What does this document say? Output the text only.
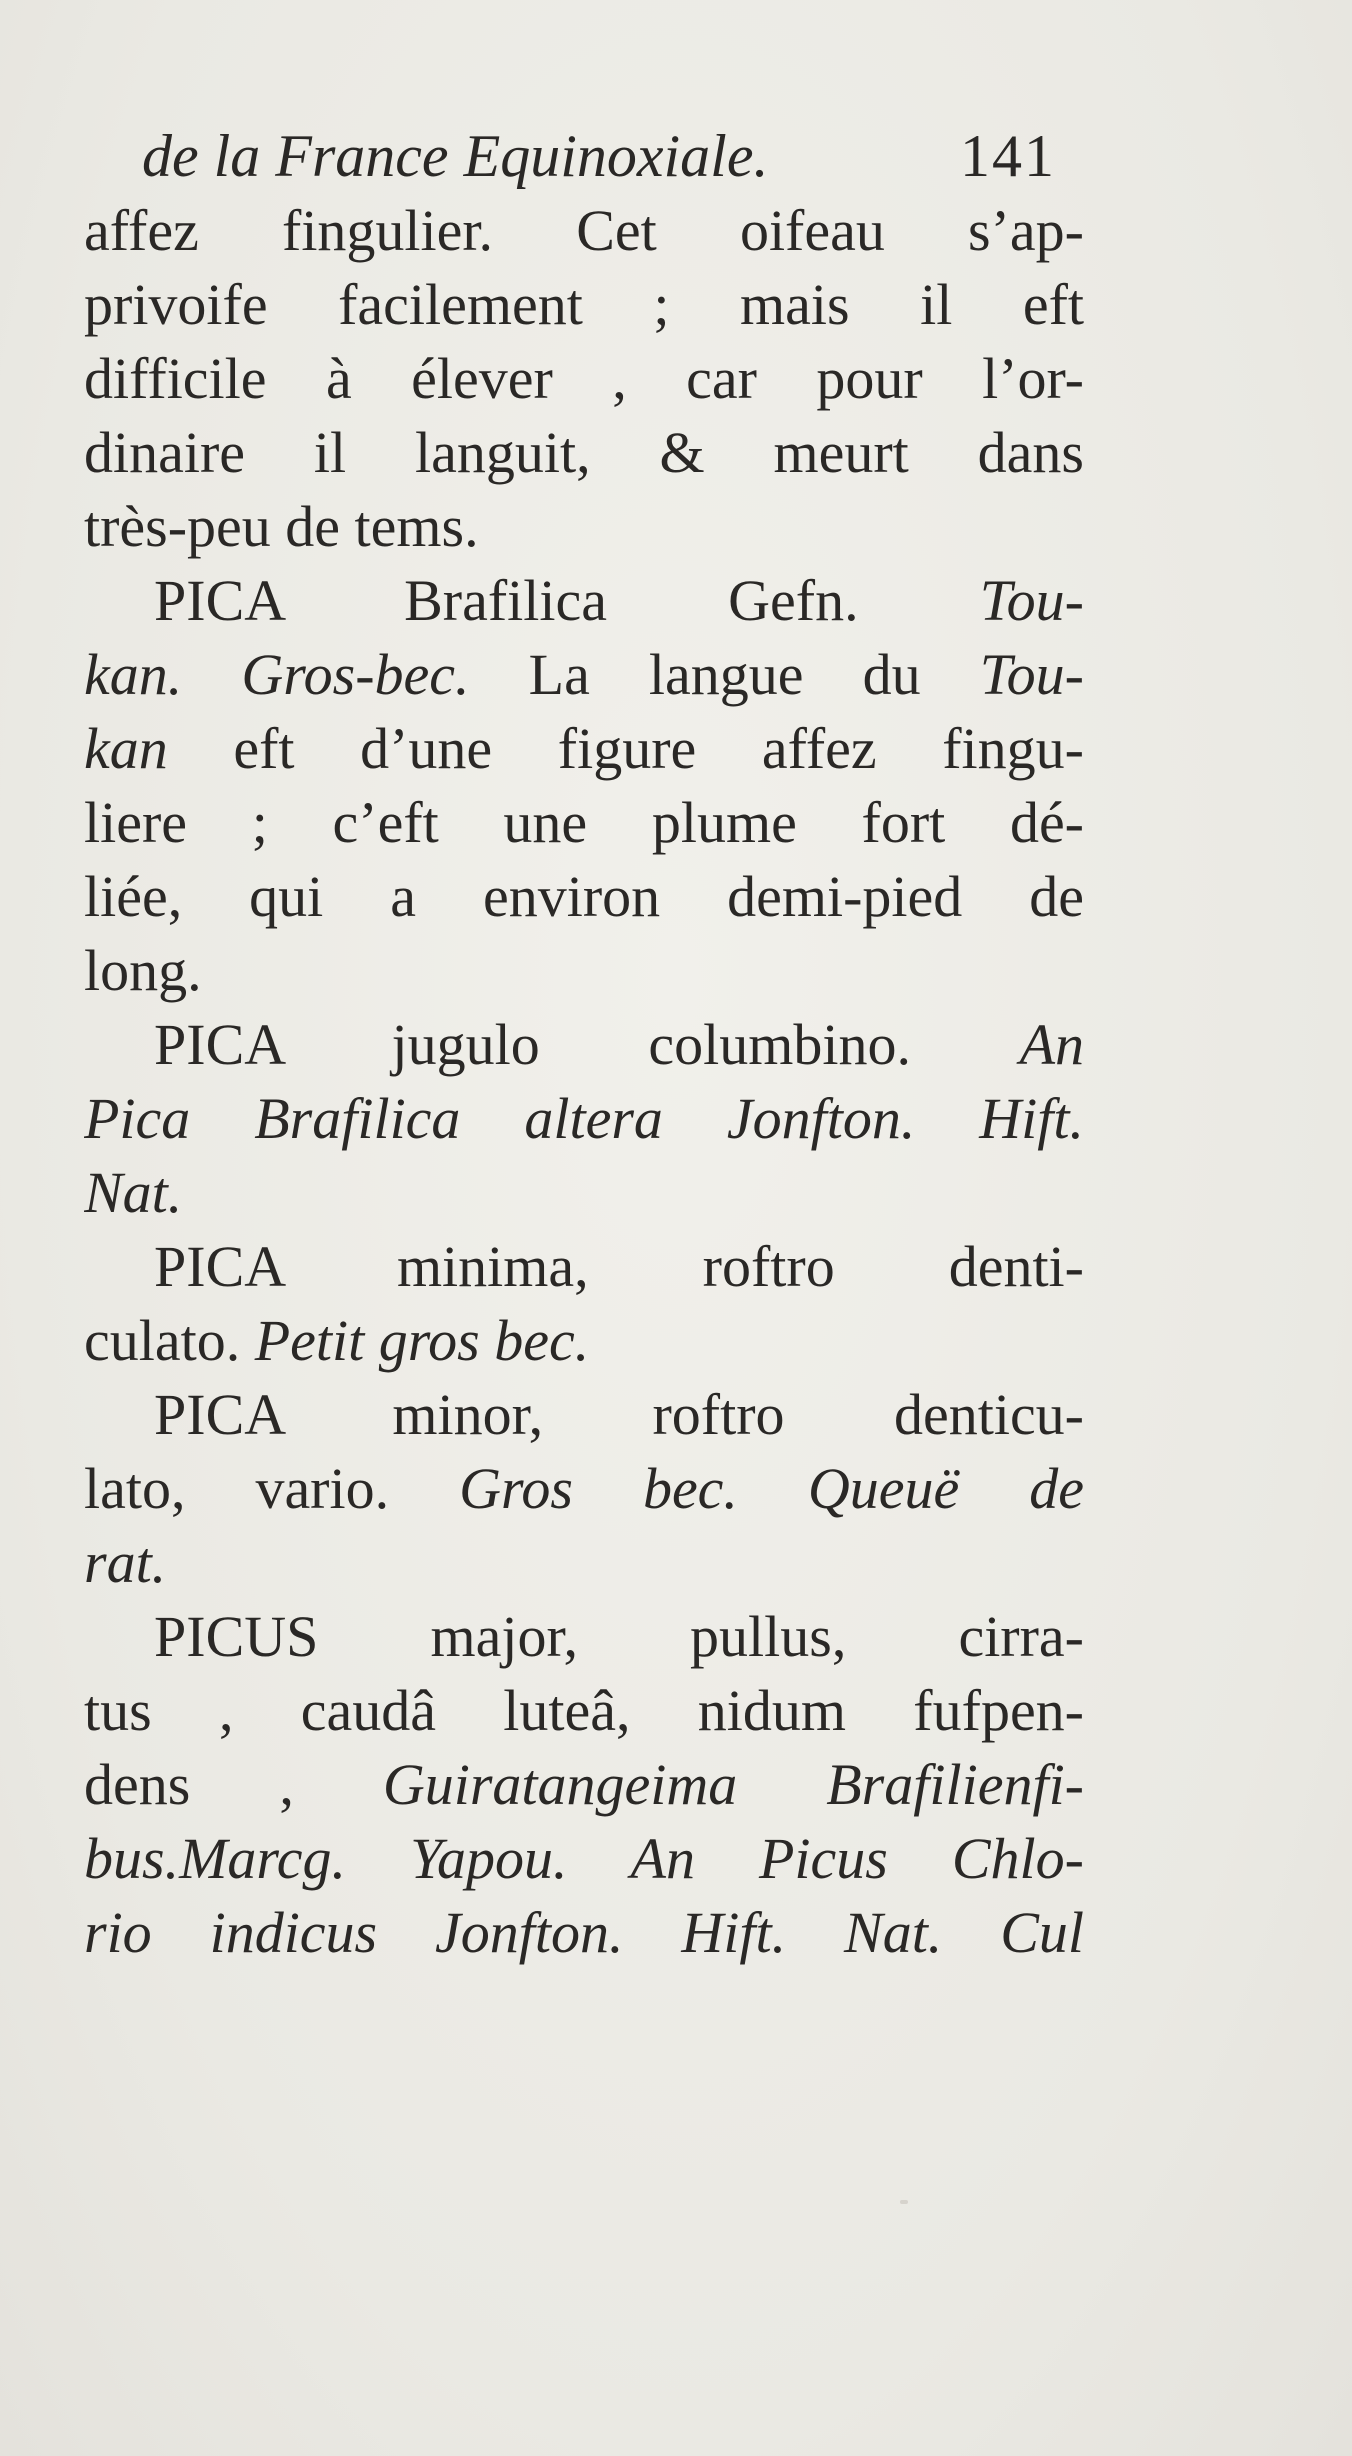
de la France Equinoxiale.	141
affez fingulier. Cet oifeau s’ap-
privoife facilement ; mais il eft
difficile à élever , car pour l’or-
dinaire il languit, & meurt dans
très-peu de tems.
PICA Brafilica Gefn. Tou-
kan. Gros-bec. La langue du Tou-
kan eft d’une figure affez fingu-
liere ; c’eft une plume fort dé-
liée, qui a environ demi-pied de
long.
PICA jugulo columbino. An
Pica Brafilica altera Jonfton. Hift.
Nat.
PICA minima, roftro denti-
culato. Petit gros bec.
PICA minor, roftro denticu-
lato, vario. Gros bec. Queuë de
rat.
PICUS major, pullus, cirra-
tus , caudâ luteâ, nidum fufpen-
dens , Guiratangeima Brafilienfi-
bus.Marcg. Yapou. An Picus Chlo-
rio indicus Jonfton. Hift. Nat. Cul
